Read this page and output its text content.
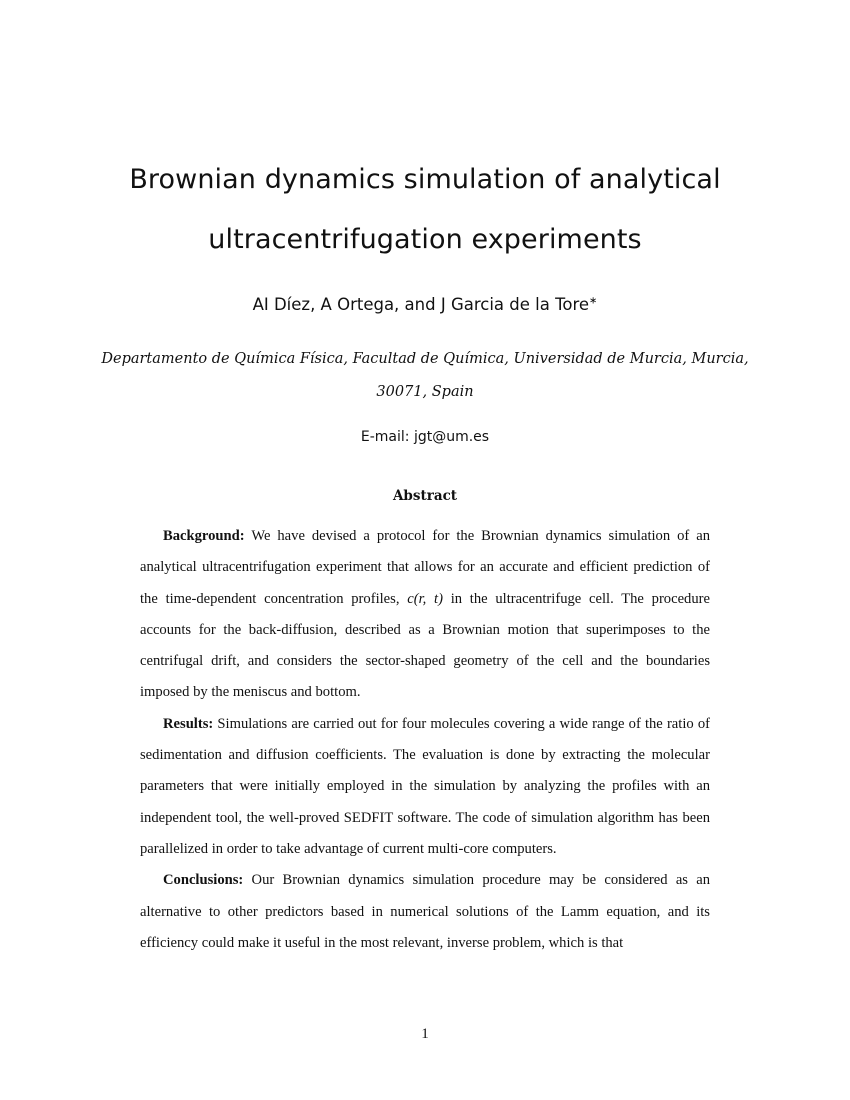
Brownian dynamics simulation of analytical
ultracentrifugation experiments
AI Díez, A Ortega, and J Garcia de la Tore∗
Departamento de Química Física, Facultad de Química, Universidad de Murcia, Murcia,
30071, Spain
E-mail: jgt@um.es
Abstract

Background: We have devised a protocol for the Brownian dynamics simulation of an analytical ultracentrifugation experiment that allows for an accurate and efficient prediction of the time-dependent concentration profiles, c(r, t) in the ultracentrifuge cell. The procedure accounts for the back-diffusion, described as a Brownian motion that superimposes to the centrifugal drift, and considers the sector-shaped geometry of the cell and the boundaries imposed by the meniscus and bottom.

Results: Simulations are carried out for four molecules covering a wide range of the ratio of sedimentation and diffusion coefficients. The evaluation is done by extracting the molecular parameters that were initially employed in the simulation by analyzing the profiles with an independent tool, the well-proved SEDFIT software. The code of simulation algorithm has been parallelized in order to take advantage of current multi-core computers.

Conclusions: Our Brownian dynamics simulation procedure may be considered as an alternative to other predictors based in numerical solutions of the Lamm equation, and its efficiency could make it useful in the most relevant, inverse problem, which is that

1
